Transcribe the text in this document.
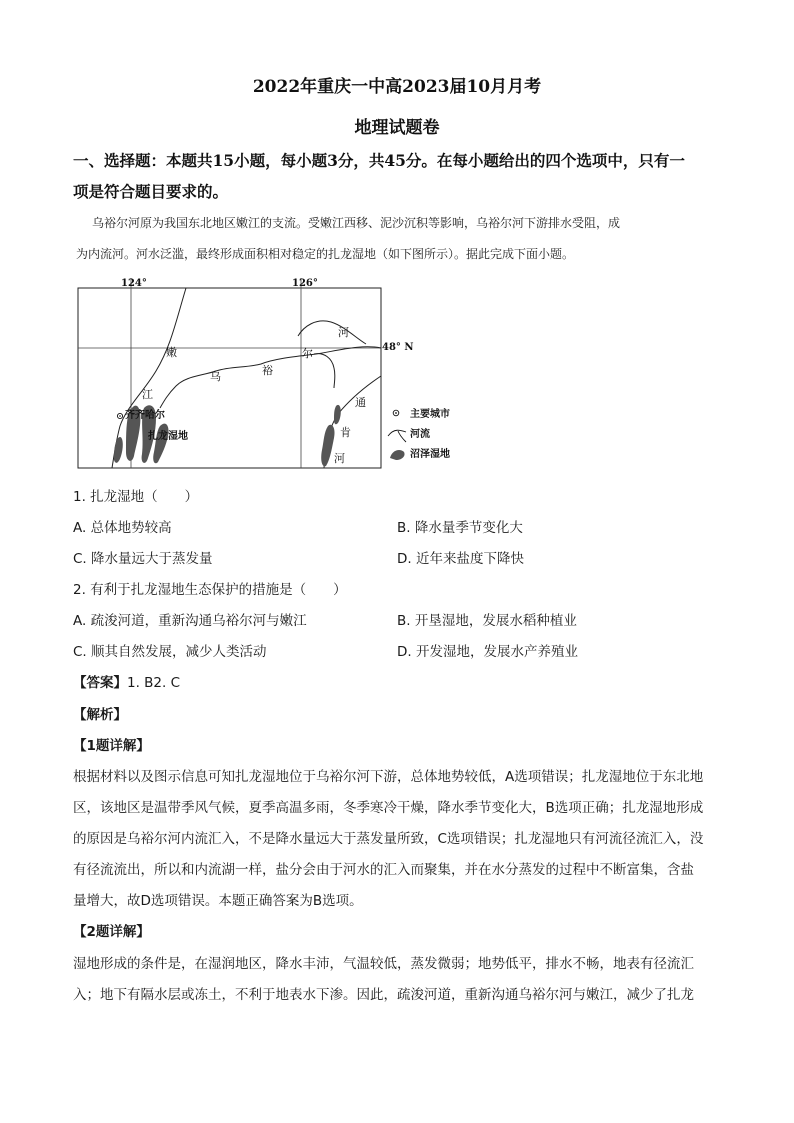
2022年重庆一中高2023届10月月考
地理试题卷
一、选择题：本题共15小题，每小题3分，共45分。在每小题给出的四个选项中，只有一
项是符合题目要求的。
乌裕尔河原为我国东北地区嫩江的支流。受嫩江西移、泥沙沉积等影响，乌裕尔河下游排水受阻，成
为内流河。河水泛滥，最终形成面积相对稳定的扎龙湿地（如下图所示）。据此完成下面小题。
124°	126°
48° N
嫩
江
乌	裕
尔
河
齐齐哈尔
扎龙湿地
通
肯
河
主要城市
河流
沼泽湿地
1. 扎龙湿地（　　）
A. 总体地势较高	B. 降水量季节变化大
C. 降水量远大于蒸发量	D. 近年来盐度下降快
2. 有利于扎龙湿地生态保护的措施是（　　）
A. 疏浚河道，重新沟通乌裕尔河与嫩江	B. 开垦湿地，发展水稻种植业
C. 顺其自然发展，减少人类活动	D. 开发湿地，发展水产养殖业
【答案】1. B2. C
【解析】
【1题详解】
根据材料以及图示信息可知扎龙湿地位于乌裕尔河下游，总体地势较低，A选项错误；扎龙湿地位于东北地
区，该地区是温带季风气候，夏季高温多雨，冬季寒冷干燥，降水季节变化大，B选项正确；扎龙湿地形成
的原因是乌裕尔河内流汇入，不是降水量远大于蒸发量所致，C选项错误；扎龙湿地只有河流径流汇入，没
有径流流出，所以和内流湖一样，盐分会由于河水的汇入而聚集，并在水分蒸发的过程中不断富集，含盐
量增大，故D选项错误。本题正确答案为B选项。
【2题详解】
湿地形成的条件是，在湿润地区，降水丰沛，气温较低，蒸发微弱；地势低平，排水不畅，地表有径流汇
入；地下有隔水层或冻土，不利于地表水下渗。因此，疏浚河道，重新沟通乌裕尔河与嫩江，减少了扎龙
